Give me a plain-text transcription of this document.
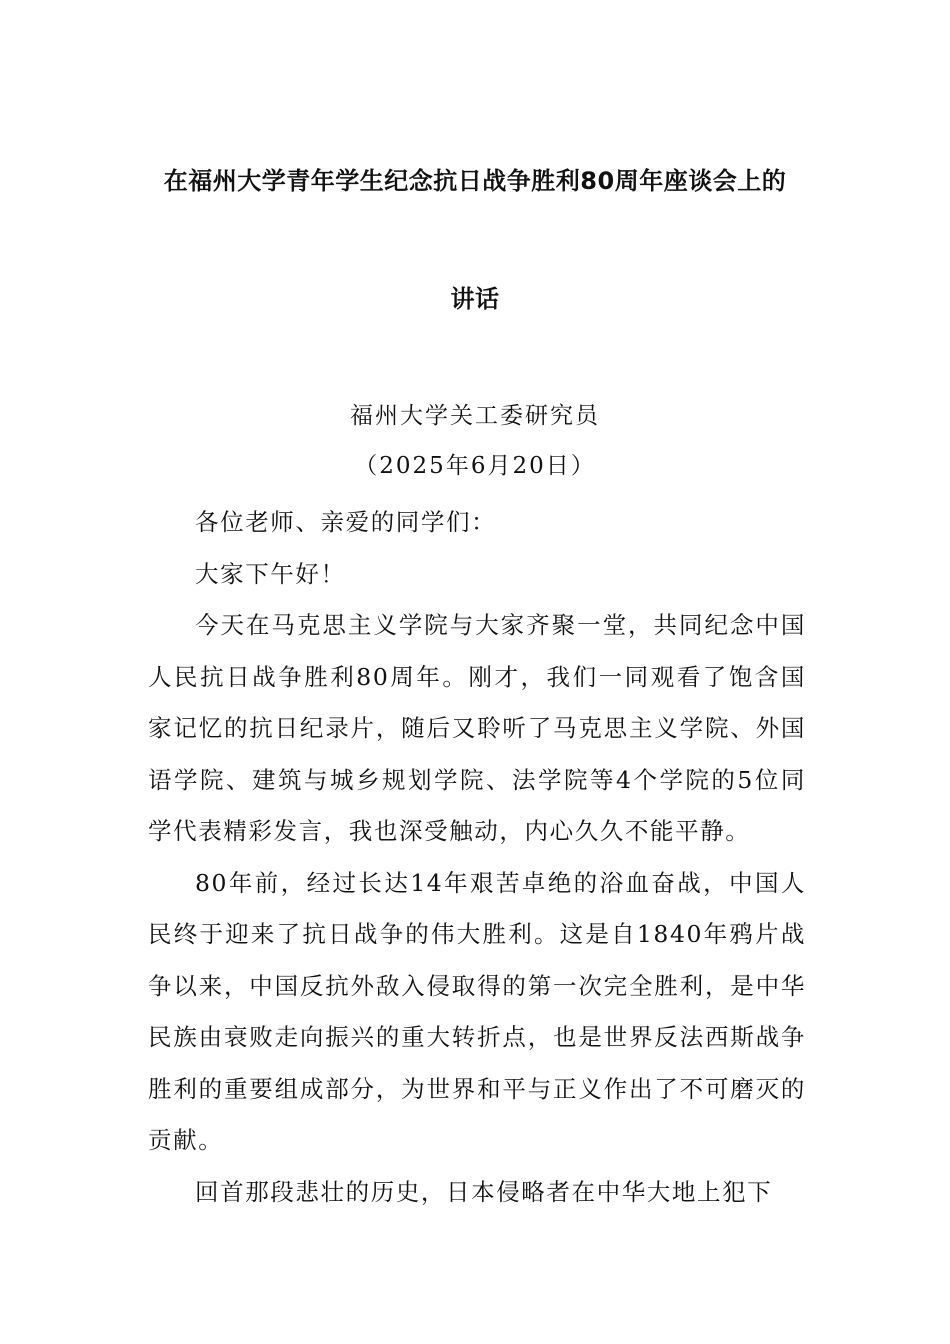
在福州大学青年学生纪念抗日战争胜利80周年座谈会上的
讲话
福州大学关工委研究员
（2025年6月20日）

各位老师、亲爱的同学们：

大家下午好！

今天在马克思主义学院与大家齐聚一堂，共同纪念中国人民抗日战争胜利80周年。刚才，我们一同观看了饱含国家记忆的抗日纪录片，随后又聆听了马克思主义学院、外国语学院、建筑与城乡规划学院、法学院等4个学院的5位同学代表精彩发言，我也深受触动，内心久久不能平静。

80年前，经过长达14年艰苦卓绝的浴血奋战，中国人民终于迎来了抗日战争的伟大胜利。这是自1840年鸦片战争以来，中国反抗外敌入侵取得的第一次完全胜利，是中华民族由衰败走向振兴的重大转折点，也是世界反法西斯战争胜利的重要组成部分，为世界和平与正义作出了不可磨灭的贡献。

回首那段悲壮的历史，日本侵略者在中华大地上犯下
